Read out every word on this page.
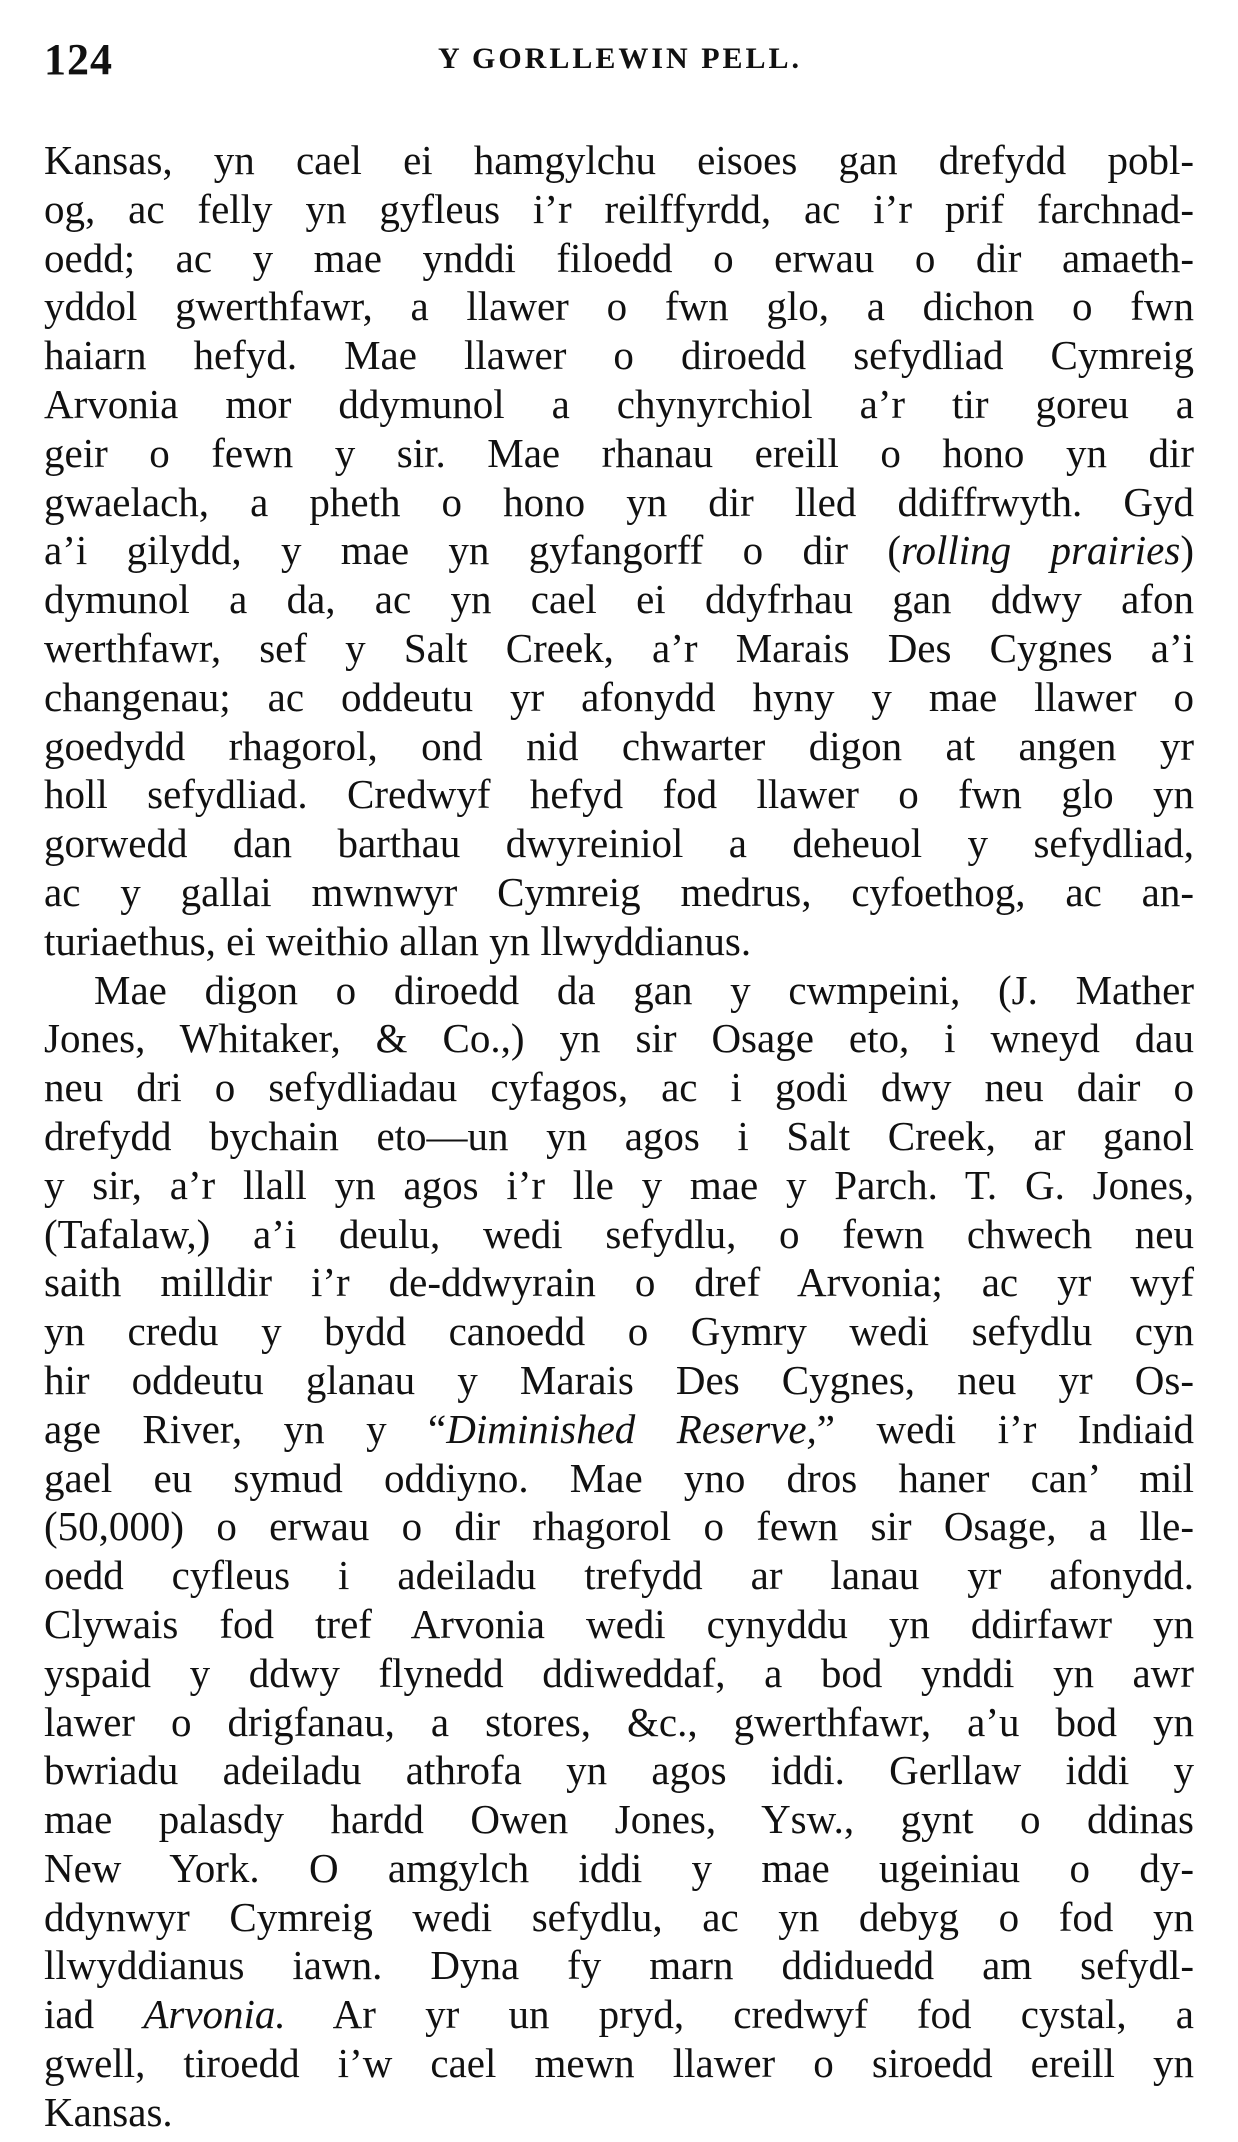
124	Y GORLLEWIN PELL.
Kansas, yn cael ei hamgylchu eisoes gan drefydd pobl-
og, ac felly yn gyfleus i’r reilffyrdd, ac i’r prif farchnad-
oedd; ac y mae ynddi filoedd o erwau o dir amaeth-
yddol gwerthfawr, a llawer o fwn glo, a dichon o fwn
haiarn hefyd. Mae llawer o diroedd sefydliad Cymreig
Arvonia mor ddymunol a chynyrchiol a’r tir goreu a
geir o fewn y sir. Mae rhanau ereill o hono yn dir
gwaelach, a pheth o hono yn dir lled ddiffrwyth. Gyd
a’i gilydd, y mae yn gyfangorff o dir (rolling prairies)
dymunol a da, ac yn cael ei ddyfrhau gan ddwy afon
werthfawr, sef y Salt Creek, a’r Marais Des Cygnes a’i
changenau; ac oddeutu yr afonydd hyny y mae llawer o
goedydd rhagorol, ond nid chwarter digon at angen yr
holl sefydliad. Credwyf hefyd fod llawer o fwn glo yn
gorwedd dan barthau dwyreiniol a deheuol y sefydliad,
ac y gallai mwnwyr Cymreig medrus, cyfoethog, ac an-
turiaethus, ei weithio allan yn llwyddianus.
Mae digon o diroedd da gan y cwmpeini, (J. Mather
Jones, Whitaker, & Co.,) yn sir Osage eto, i wneyd dau
neu dri o sefydliadau cyfagos, ac i godi dwy neu dair o
drefydd bychain eto—un yn agos i Salt Creek, ar ganol
y sir, a’r llall yn agos i’r lle y mae y Parch. T. G. Jones,
(Tafalaw,) a’i deulu, wedi sefydlu, o fewn chwech neu
saith milldir i’r de-ddwyrain o dref Arvonia; ac yr wyf
yn credu y bydd canoedd o Gymry wedi sefydlu cyn
hir oddeutu glanau y Marais Des Cygnes, neu yr Os-
age River, yn y “Diminished Reserve,” wedi i’r Indiaid
gael eu symud oddiyno. Mae yno dros haner can’ mil
(50,000) o erwau o dir rhagorol o fewn sir Osage, a lle-
oedd cyfleus i adeiladu trefydd ar lanau yr afonydd.
Clywais fod tref Arvonia wedi cynyddu yn ddirfawr yn
yspaid y ddwy flynedd ddiweddaf, a bod ynddi yn awr
lawer o drigfanau, a stores, &c., gwerthfawr, a’u bod yn
bwriadu adeiladu athrofa yn agos iddi. Gerllaw iddi y
mae palasdy hardd Owen Jones, Ysw., gynt o ddinas
New York. O amgylch iddi y mae ugeiniau o dy-
ddynwyr Cymreig wedi sefydlu, ac yn debyg o fod yn
llwyddianus iawn. Dyna fy marn ddiduedd am sefydl-
iad Arvonia. Ar yr un pryd, credwyf fod cystal, a
gwell, tiroedd i’w cael mewn llawer o siroedd ereill yn
Kansas.
